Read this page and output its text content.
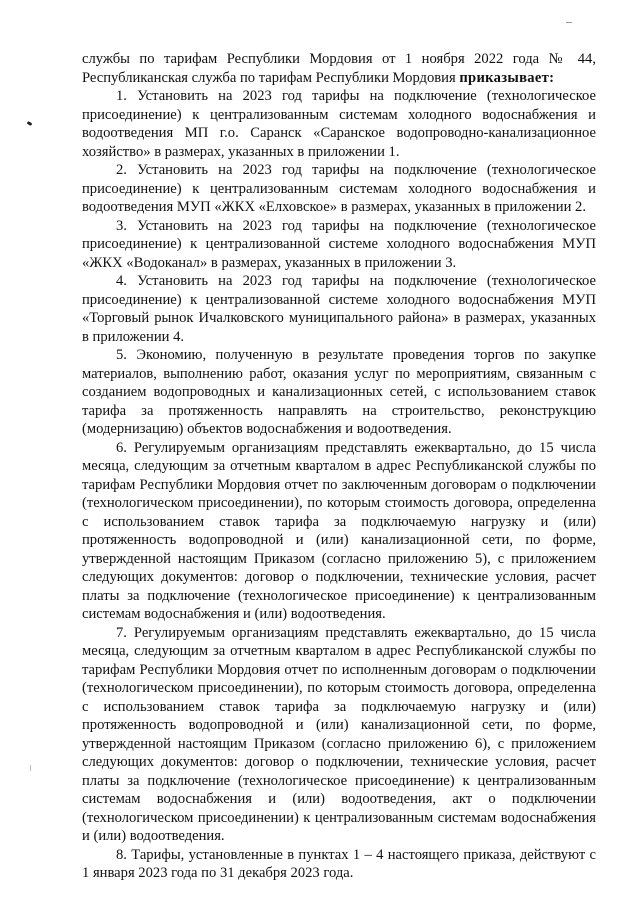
службы по тарифам Республики Мордовия от 1 ноября 2022 года № 44, Республиканская служба по тарифам Республики Мордовия приказывает:

1. Установить на 2023 год тарифы на подключение (технологическое присоединение) к централизованным системам холодного водоснабжения и водоотведения МП г.о. Саранск «Саранское водопроводно-канализационное хозяйство» в размерах, указанных в приложении 1.

2. Установить на 2023 год тарифы на подключение (технологическое присоединение) к централизованным системам холодного водоснабжения и водоотведения МУП «ЖКХ «Елховское» в размерах, указанных в приложении 2.

3. Установить на 2023 год тарифы на подключение (технологическое присоединение) к централизованной системе холодного водоснабжения МУП «ЖКХ «Водоканал» в размерах, указанных в приложении 3.

4. Установить на 2023 год тарифы на подключение (технологическое присоединение) к централизованной системе холодного водоснабжения МУП «Торговый рынок Ичалковского муниципального района» в размерах, указанных в приложении 4.

5. Экономию, полученную в результате проведения торгов по закупке материалов, выполнению работ, оказания услуг по мероприятиям, связанным с созданием водопроводных и канализационных сетей, с использованием ставок тарифа за протяженность направлять на строительство, реконструкцию (модернизацию) объектов водоснабжения и водоотведения.

6. Регулируемым организациям представлять ежеквартально, до 15 числа месяца, следующим за отчетным кварталом в адрес Республиканской службы по тарифам Республики Мордовия отчет по заключенным договорам о подключении (технологическом присоединении), по которым стоимость договора, определенна с использованием ставок тарифа за подключаемую нагрузку и (или) протяженность водопроводной и (или) канализационной сети, по форме, утвержденной настоящим Приказом (согласно приложению 5), с приложением следующих документов: договор о подключении, технические условия, расчет платы за подключение (технологическое присоединение) к централизованным системам водоснабжения и (или) водоотведения.

7. Регулируемым организациям представлять ежеквартально, до 15 числа месяца, следующим за отчетным кварталом в адрес Республиканской службы по тарифам Республики Мордовия отчет по исполненным договорам о подключении (технологическом присоединении), по которым стоимость договора, определенна с использованием ставок тарифа за подключаемую нагрузку и (или) протяженность водопроводной и (или) канализационной сети, по форме, утвержденной настоящим Приказом (согласно приложению 6), с приложением следующих документов: договор о подключении, технические условия, расчет платы за подключение (технологическое присоединение) к централизованным системам водоснабжения и (или) водоотведения, акт о подключении (технологическом присоединении) к централизованным системам водоснабжения и (или) водоотведения.

8. Тарифы, установленные в пунктах 1 – 4 настоящего приказа, действуют с 1 января 2023 года по 31 декабря 2023 года.
